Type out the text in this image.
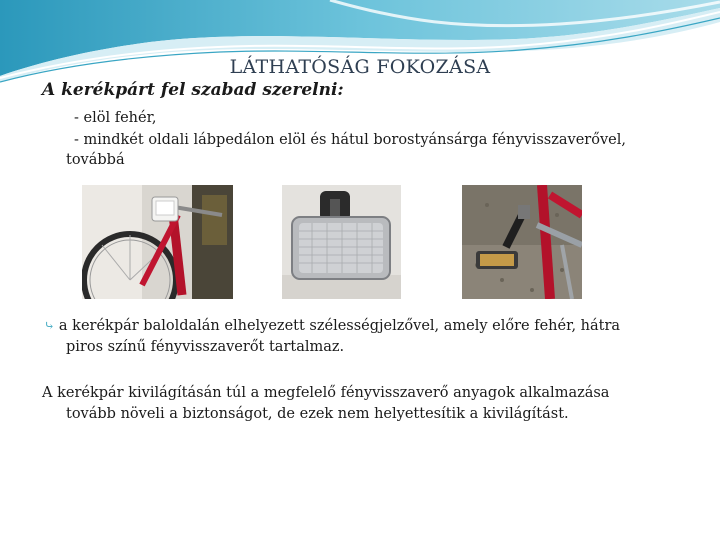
LÁTHATÓSÁG FOKOZÁSA
A kerékpárt fel szabad szerelni:
- elöl fehér,
- mindkét oldali lábpedálon elöl és hátul borostyánsárga fényvisszaverővel,
továbbá
⤷ a kerékpár baloldalán elhelyezett szélességjelzővel, amely előre fehér, hátra
piros színű fényvisszaverőt tartalmaz.
A kerékpár kivilágításán túl a megfelelő fényvisszaverő anyagok alkalmazása
tovább növeli a biztonságot, de ezek nem helyettesítik a kivilágítást.
